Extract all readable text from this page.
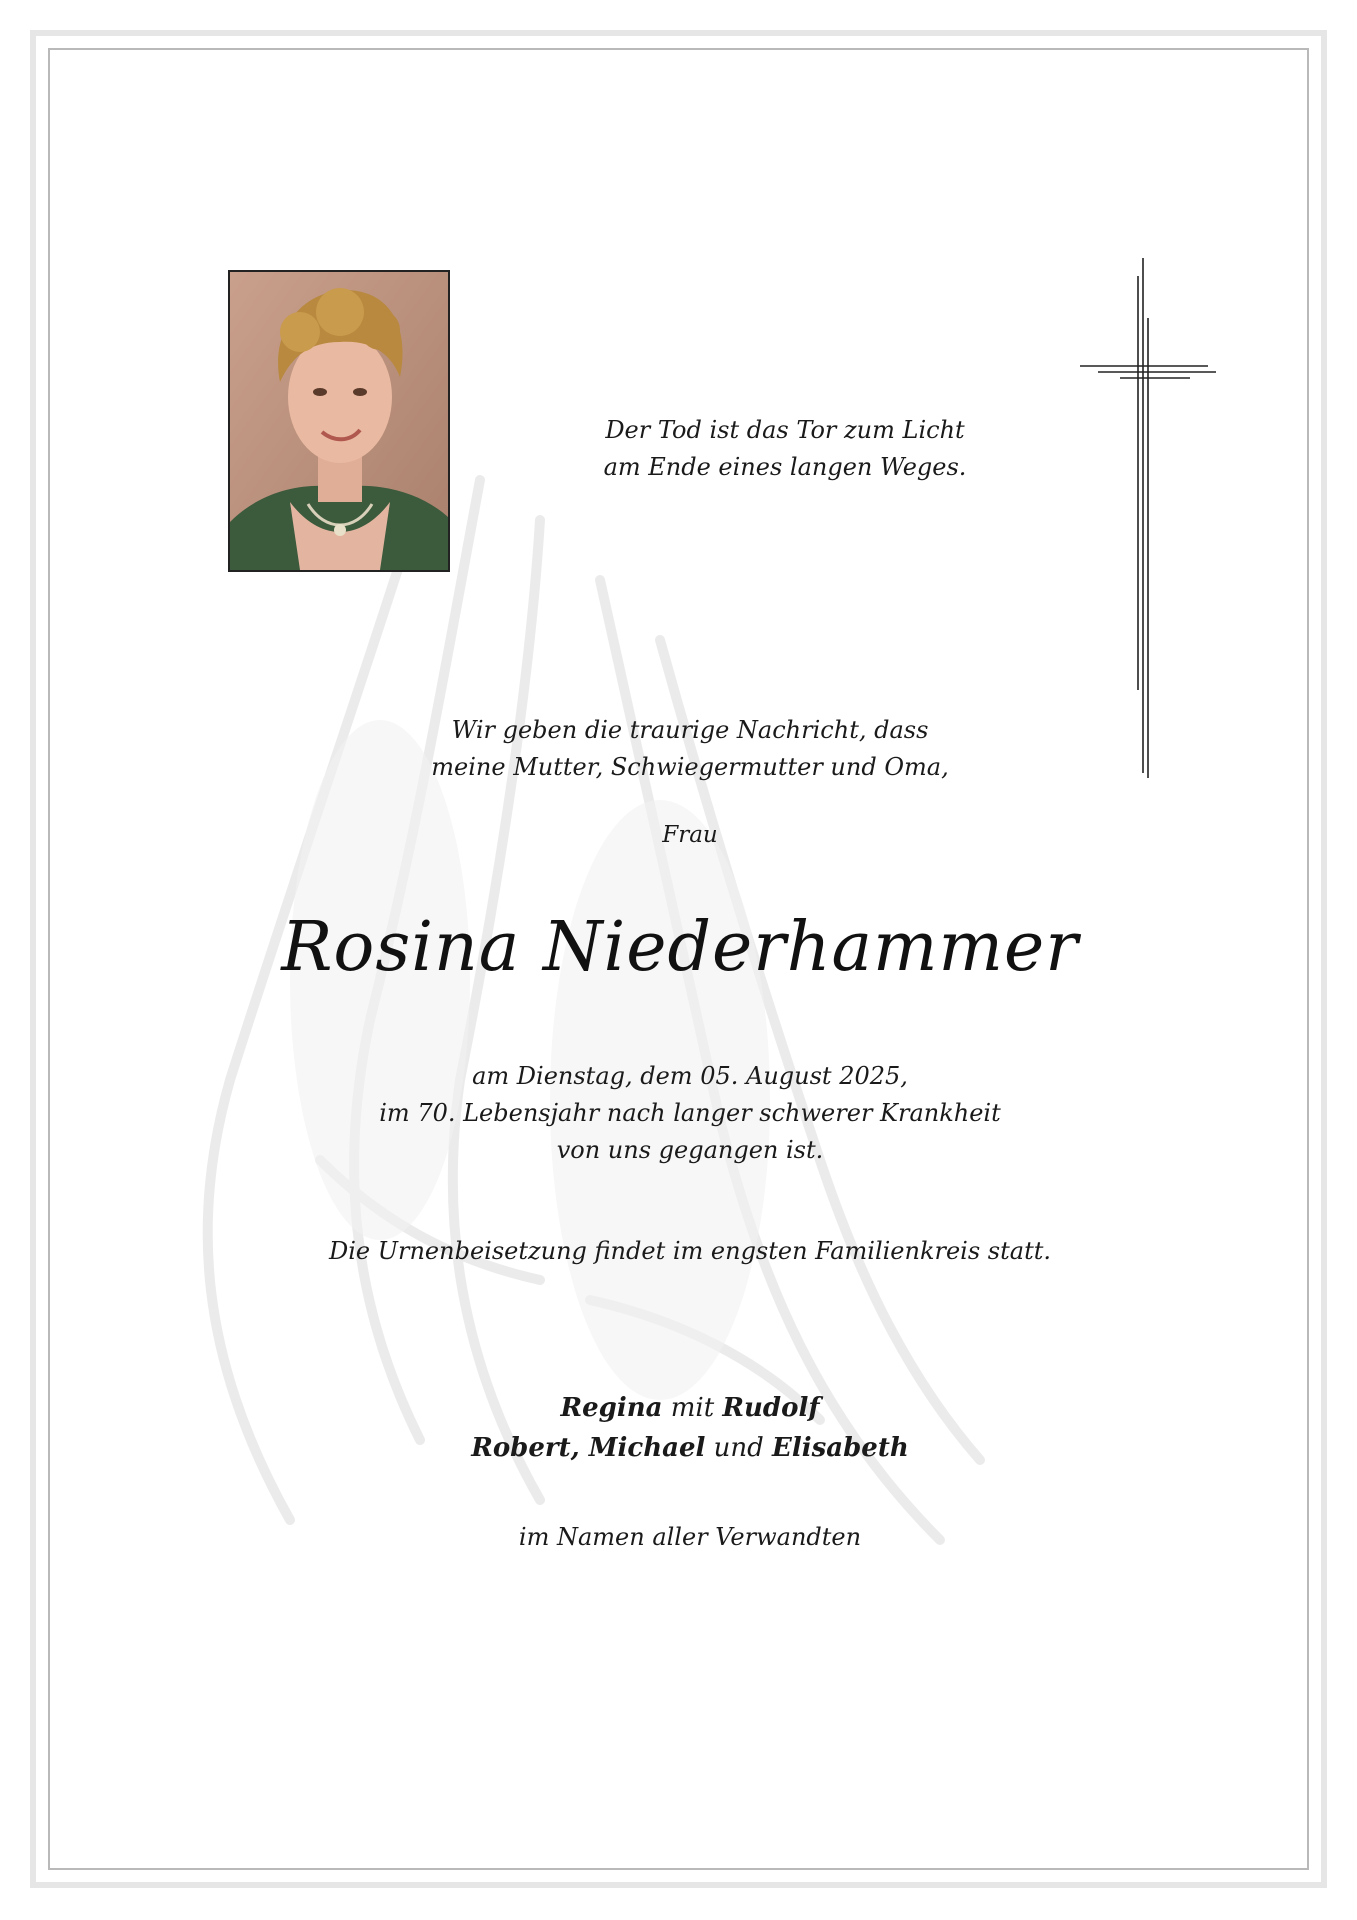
Der Tod ist das Tor zum Licht
am Ende eines langen Weges.
Wir geben die traurige Nachricht, dass
meine Mutter, Schwiegermutter und Oma,
Frau
Rosina Niederhammer
am Dienstag, dem 05. August 2025,
im 70. Lebensjahr nach langer schwerer Krankheit
von uns gegangen ist.
Die Urnenbeisetzung findet im engsten Familienkreis statt.
Regina mit Rudolf
Robert, Michael und Elisabeth
im Namen aller Verwandten
